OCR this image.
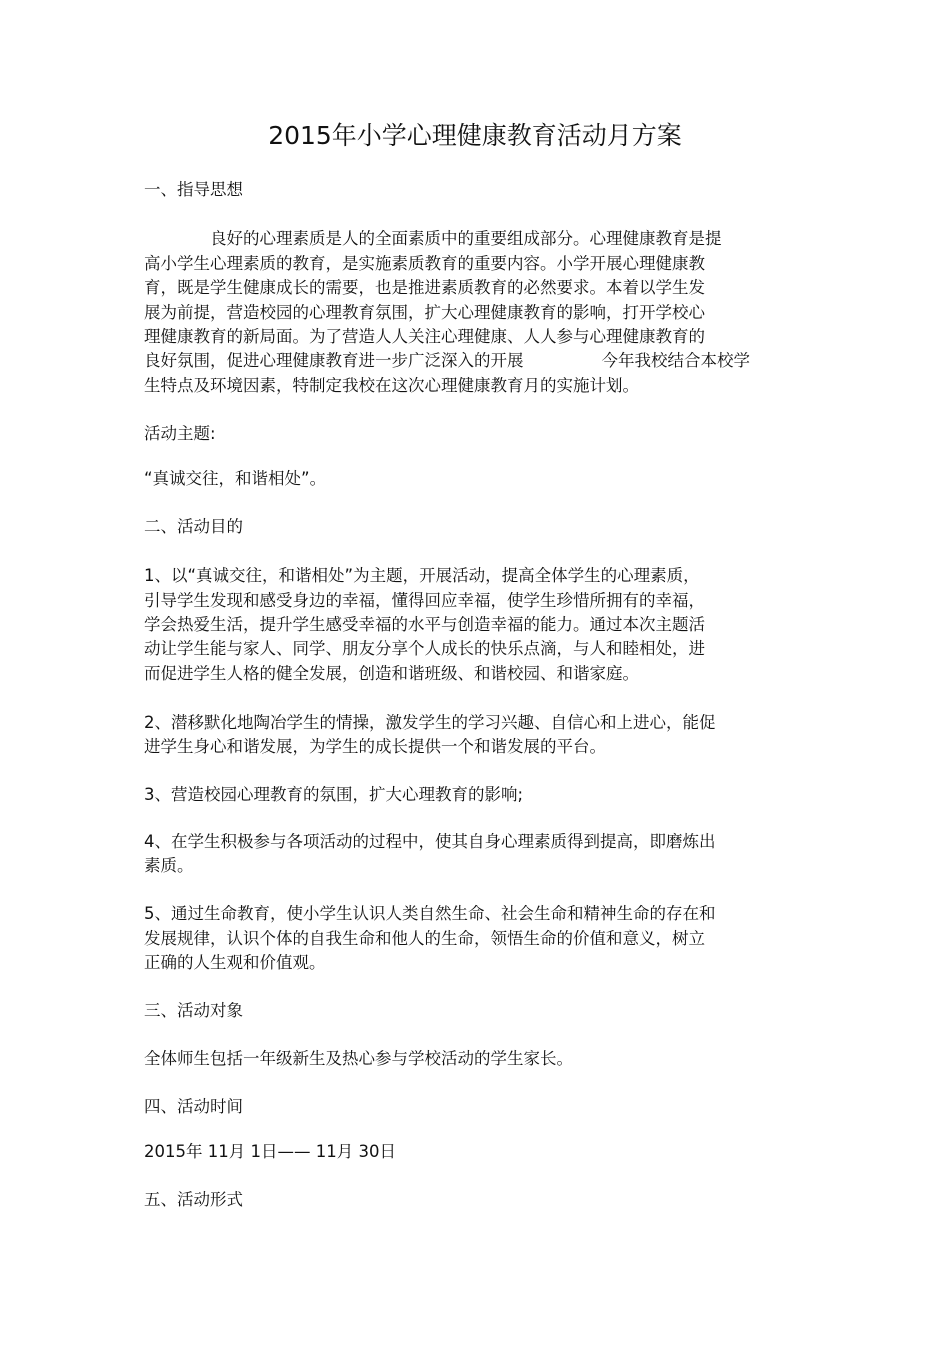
2015年小学心理健康教育活动月方案
一、指导思想
良好的心理素质是人的全面素质中的重要组成部分。心理健康教育是提
高小学生心理素质的教育，是实施素质教育的重要内容。小学开展心理健康教
育，既是学生健康成长的需要，也是推进素质教育的必然要求。本着以学生发
展为前提，营造校园的心理教育氛围，扩大心理健康教育的影响，打开学校心
理健康教育的新局面。为了营造人人关注心理健康、人人参与心理健康教育的
良好氛围，促进心理健康教育进一步广泛深入的开展	今年我校结合本校学
生特点及环境因素，特制定我校在这次心理健康教育月的实施计划。
活动主题:
“真诚交往，和谐相处”。
二、活动目的
1、以“真诚交往，和谐相处”为主题，开展活动，提高全体学生的心理素质，
引导学生发现和感受身边的幸福，懂得回应幸福，使学生珍惜所拥有的幸福，
学会热爱生活，提升学生感受幸福的水平与创造幸福的能力。通过本次主题活
动让学生能与家人、同学、朋友分享个人成长的快乐点滴，与人和睦相处，进
而促进学生人格的健全发展，创造和谐班级、和谐校园、和谐家庭。
2、潜移默化地陶冶学生的情操，激发学生的学习兴趣、自信心和上进心，能促
进学生身心和谐发展，为学生的成长提供一个和谐发展的平台。
3、营造校园心理教育的氛围，扩大心理教育的影响;
4、在学生积极参与各项活动的过程中，使其自身心理素质得到提高，即磨炼出
素质。
5、通过生命教育，使小学生认识人类自然生命、社会生命和精神生命的存在和
发展规律，认识个体的自我生命和他人的生命，领悟生命的价值和意义，树立
正确的人生观和价值观。
三、活动对象
全体师生包括一年级新生及热心参与学校活动的学生家长。
四、活动时间
2015年 11月 1日—— 11月 30日
五、活动形式
